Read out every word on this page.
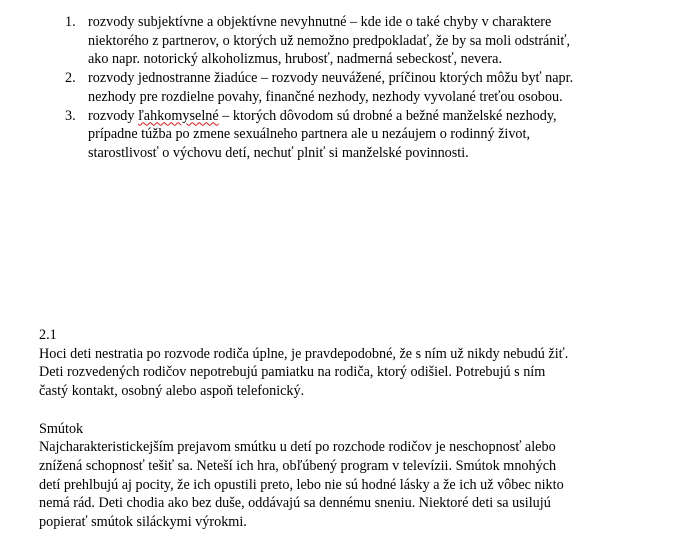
1. rozvody subjektívne a objektívne nevyhnutné – kde ide o také chyby v charaktere
niektorého z partnerov, o ktorých už nemožno predpokladať, že by sa moli odstrániť,
ako napr. notorický alkoholizmus, hrubosť, nadmerná sebeckosť, nevera.
2. rozvody jednostranne žiadúce – rozvody neuvážené, príčinou ktorých môžu byť napr.
nezhody pre rozdielne povahy, finančné nezhody, nezhody vyvolané treťou osobou.
3. rozvody ľahkomyselné – ktorých dôvodom sú drobné a bežné manželské nezhody,
prípadne túžba po zmene sexuálneho partnera ale u nezáujem o rodinný život,
starostlivosť o výchovu detí, nechuť plniť si manželské povinnosti.
2.1
Hoci deti nestratia po rozvode rodiča úplne, je pravdepodobné, že s ním už nikdy nebudú žiť.
Deti rozvedených rodičov nepotrebujú pamiatku na rodiča, ktorý odišiel. Potrebujú s ním
častý kontakt, osobný alebo aspoň telefonický.
Smútok
Najcharakteristickejším prejavom smútku u detí po rozchode rodičov je neschopnosť alebo
znížená schopnosť tešiť sa. Neteší ich hra, obľúbený program v televízii. Smútok mnohých
detí prehlbujú aj pocity, že ich opustili preto, lebo nie sú hodné lásky a že ich už vôbec nikto
nemá rád. Deti chodia ako bez duše, oddávajú sa dennému sneniu. Niektoré deti sa usilujú
popierať smútok siláckymi výrokmi.
